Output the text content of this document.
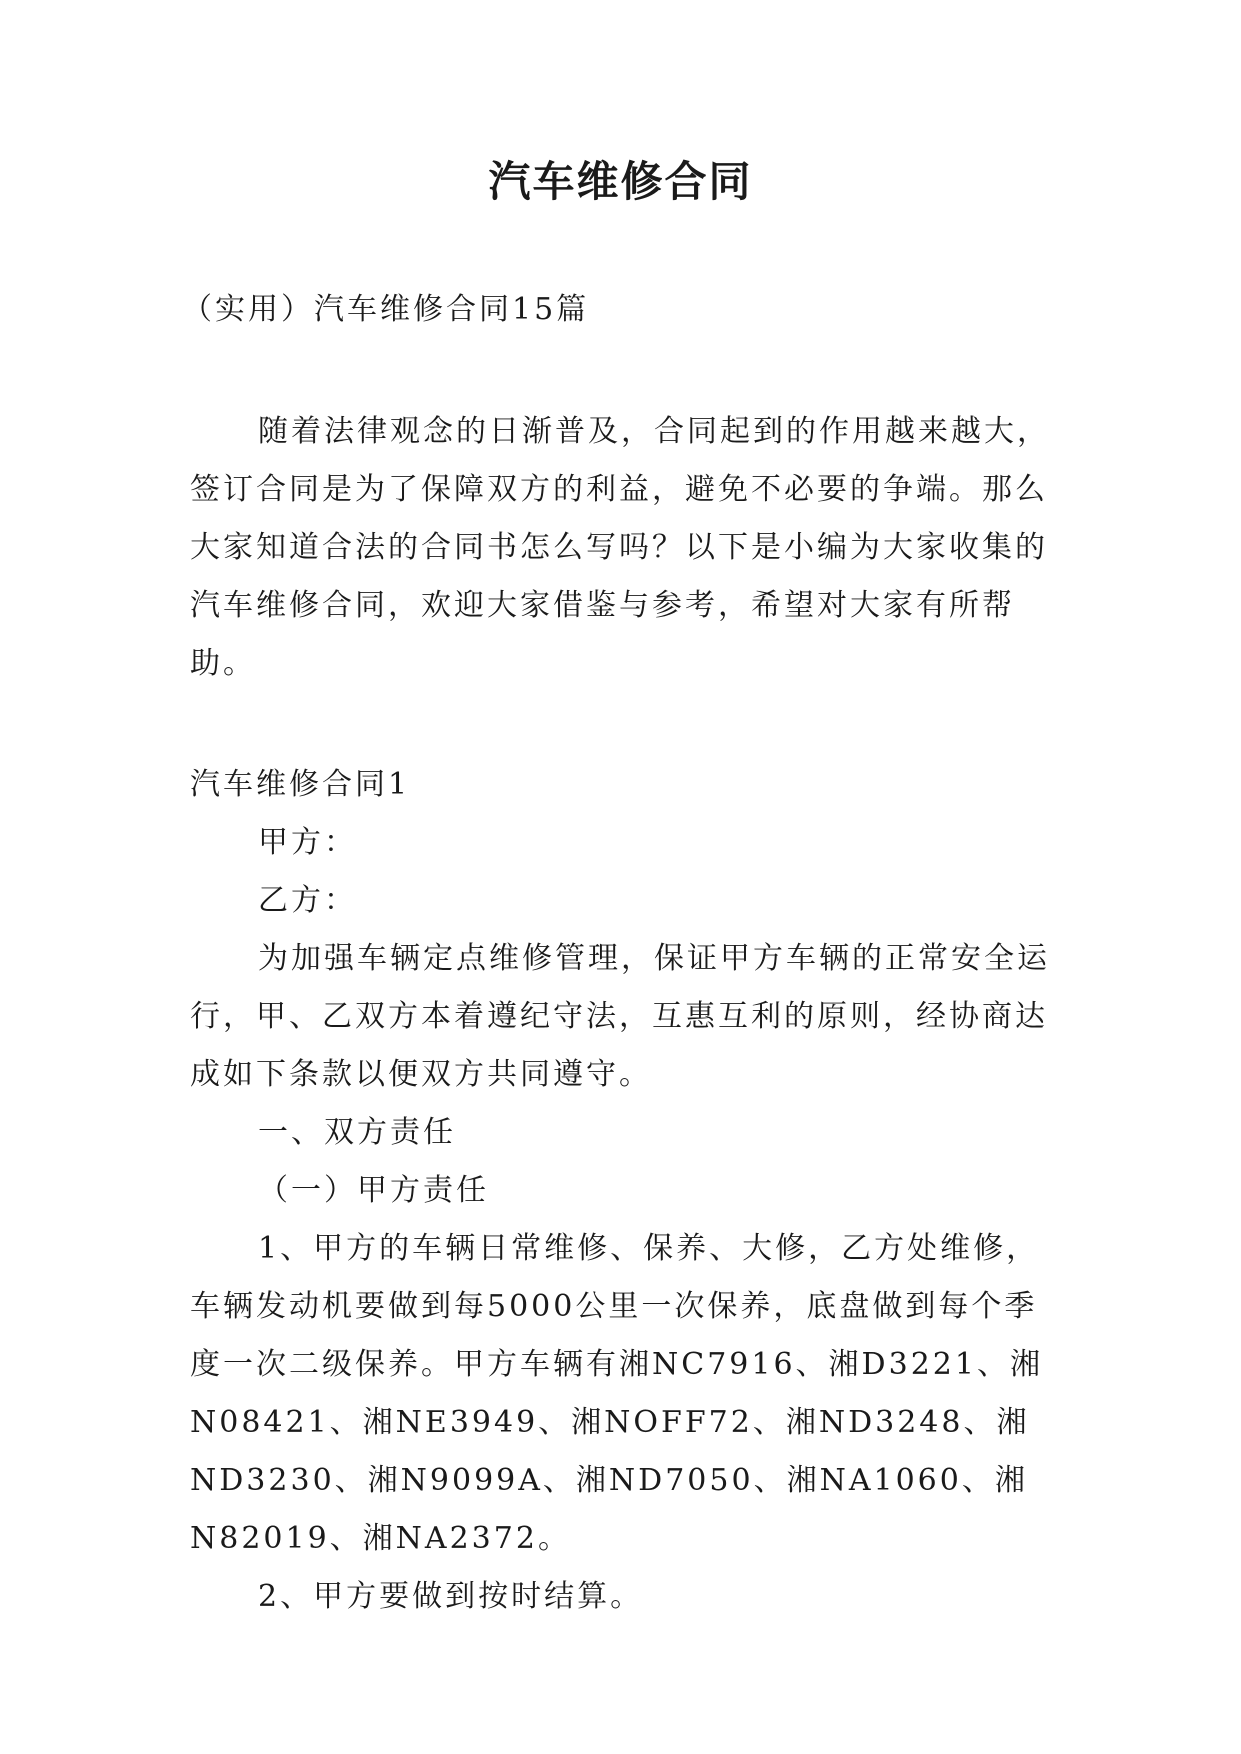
汽车维修合同
（实用）汽车维修合同15篇

随着法律观念的日渐普及，合同起到的作用越来越大，签订合同是为了保障双方的利益，避免不必要的争端。那么大家知道合法的合同书怎么写吗？以下是小编为大家收集的汽车维修合同，欢迎大家借鉴与参考，希望对大家有所帮助。

汽车维修合同1

甲方：

乙方：

为加强车辆定点维修管理，保证甲方车辆的正常安全运行，甲、乙双方本着遵纪守法，互惠互利的原则，经协商达成如下条款以便双方共同遵守。

一、双方责任

（一）甲方责任

1、甲方的车辆日常维修、保养、大修，乙方处维修，车辆发动机要做到每5000公里一次保养，底盘做到每个季度一次二级保养。甲方车辆有湘NC7916、湘D3221、湘N08421、湘NE3949、湘NOFF72、湘ND3248、湘ND3230、湘N9099A、湘ND7050、湘NA1060、湘N82019、湘NA2372。

2、甲方要做到按时结算。
